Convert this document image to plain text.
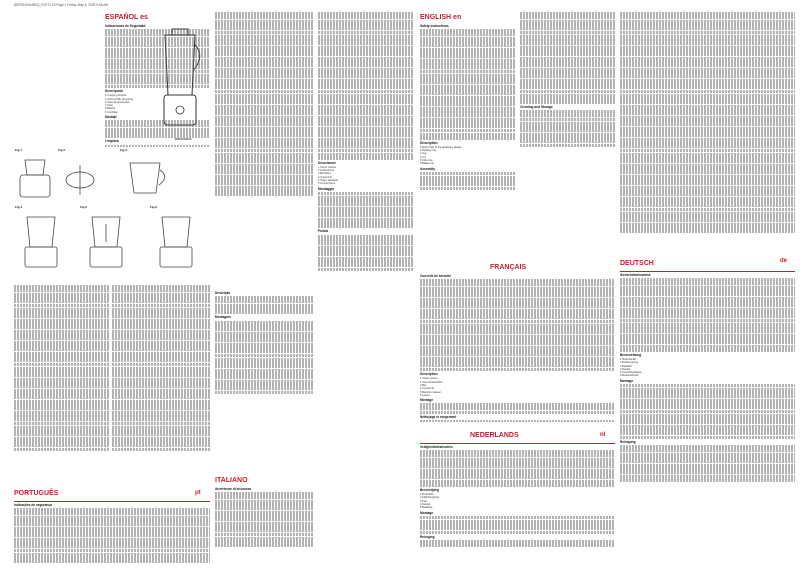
BDPEEU0A4BSQ_RS771.00 Page 1 Friday, May 8, 2009 9:38 AM
BW0100E/S
Fig.1	Fig.2	Fig.3
Fig.4	Fig.5	Fig.6
ESPAÑOL es
Indicaciones de Seguridad
Descripción
1 Cuerpo principal
2 Junta (Anillo de goma)
3 Vaso de accesorios
4 Tapa
5 Batidor
6 Cuchillas
Montaje
Limpieza
PORTUGUÊS
Indicações de segurança
pt
Descrição
Montagem
ITALIANO
Avvertenze di sicurezza
Descrizione
1 Corpo motore
2 Guarnizione
3 Bicchiere
4 Coperchio
5 Tappo dosatore
6 Gruppo lame
Montaggio
Pulizia
ENGLISH en
Safety Instructions
Description
1 Main body of the appliance (base)
2 Sealing ring
3 Jug
4 Lid
5 Filler cap
6 Blade unit
Assembly
Cleaning and Storage
FRANÇAIS
Conseils de sécurité
Description
1 Socle moteur
2 Joint d'étanchéité
3 Bol
4 Couvercle
5 Bouchon doseur
6 Lames
Montage
Nettoyage et rangement
NEDERLANDS
Veiligheidsinstructies
Beschrijving
1 Motorblok
2 Afdichtingsring
3 Kan
4 Deksel
5 Maatdop
Montage
Reiniging
nl
DEUTSCH
Sicherheitshinweise
Beschreibung
1 Motorsockel
2 Dichtungsring
3 Behälter
4 Deckel
5 Verschlusskappe
6 Messereinheit
Montage
Reinigung
de
